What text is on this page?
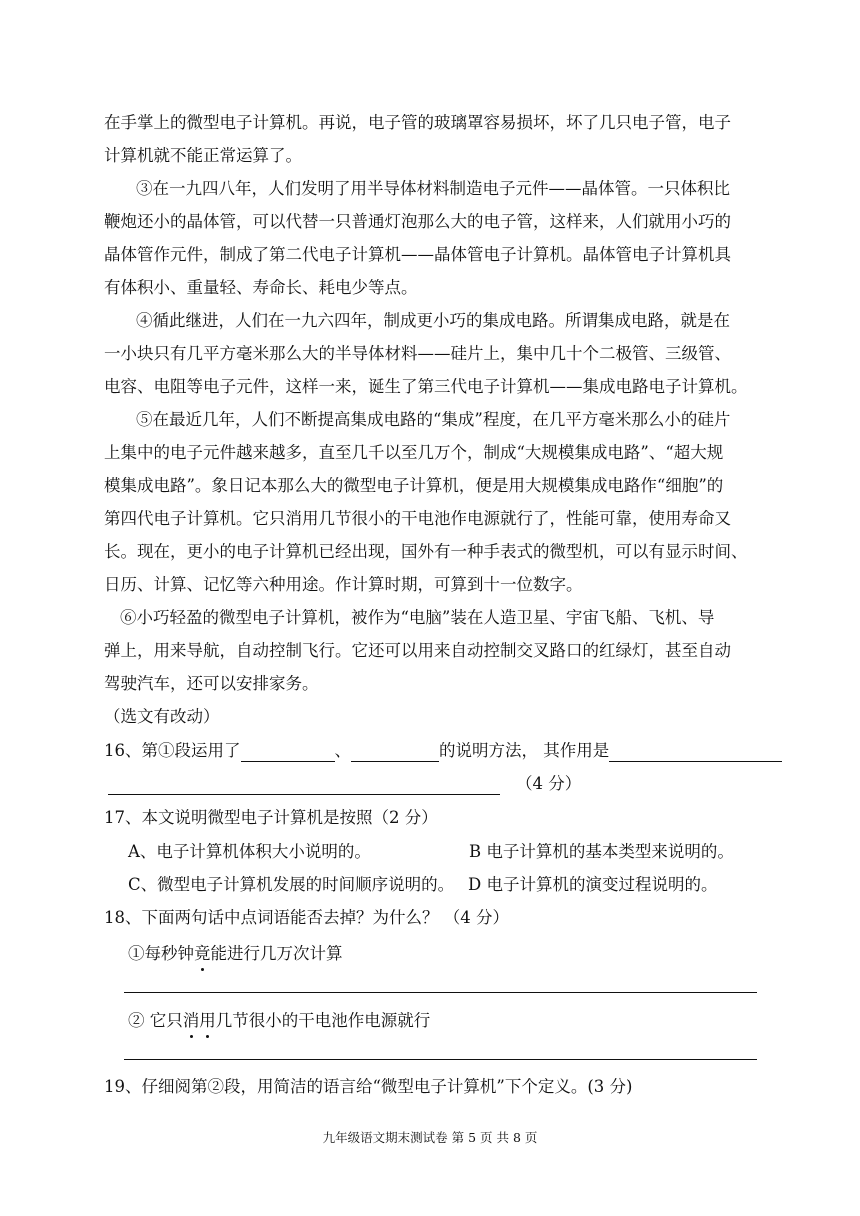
在手掌上的微型电子计算机。再说，电子管的玻璃罩容易损坏，坏了几只电子管，电子
计算机就不能正常运算了。
③在一九四八年，人们发明了用半导体材料制造电子元件——晶体管。一只体积比
鞭炮还小的晶体管，可以代替一只普通灯泡那么大的电子管，这样来，人们就用小巧的
晶体管作元件，制成了第二代电子计算机——晶体管电子计算机。晶体管电子计算机具
有体积小、重量轻、寿命长、耗电少等点。
④循此继进，人们在一九六四年，制成更小巧的集成电路。所谓集成电路，就是在
一小块只有几平方毫米那么大的半导体材料——硅片上，集中几十个二极管、三级管、
电容、电阻等电子元件，这样一来，诞生了第三代电子计算机——集成电路电子计算机。
⑤在最近几年，人们不断提高集成电路的“集成”程度，在几平方毫米那么小的硅片
上集中的电子元件越来越多，直至几千以至几万个，制成“大规模集成电路”、“超大规
模集成电路”。象日记本那么大的微型电子计算机，便是用大规模集成电路作“细胞”的
第四代电子计算机。它只消用几节很小的干电池作电源就行了，性能可靠，使用寿命又
长。现在，更小的电子计算机已经出现，国外有一种手表式的微型机，可以有显示时间、
日历、计算、记忆等六种用途。作计算时期，可算到十一位数字。
⑥小巧轻盈的微型电子计算机，被作为“电脑”装在人造卫星、宇宙飞船、飞机、导
弹上，用来导航，自动控制飞行。它还可以用来自动控制交叉路口的红绿灯，甚至自动
驾驶汽车，还可以安排家务。
（选文有改动）
16、第①段运用了	、	的说明方法， 其作用是
（4 分）
17、本文说明微型电子计算机是按照（2 分）
A、电子计算机体积大小说明的。	B 电子计算机的基本类型来说明的。
C、微型电子计算机发展的时间顺序说明的。 D 电子计算机的演变过程说明的。
18、下面两句话中点词语能否去掉？为什么？ （4 分）
①每秒钟竟能进行几万次计算
② 它只消用几节很小的干电池作电源就行
19、仔细阅第②段，用简洁的语言给“微型电子计算机”下个定义。(3 分)
九年级语文期末测试卷 第 5 页 共 8 页
